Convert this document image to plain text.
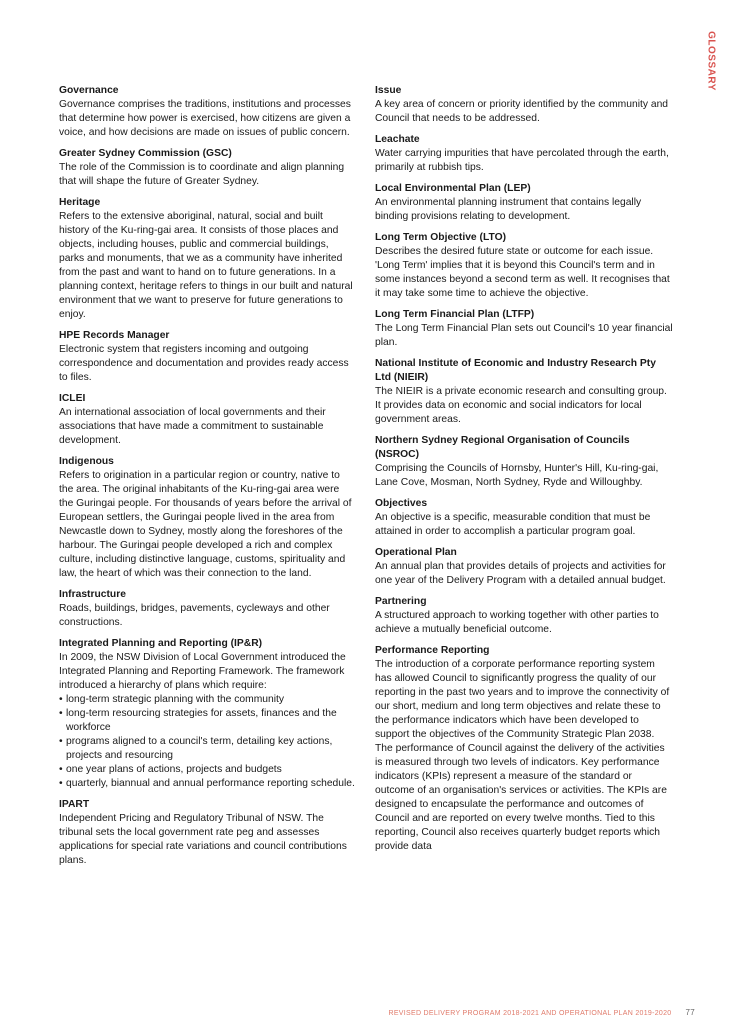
GLOSSARY

Governance

Governance comprises the traditions, institutions and processes that determine how power is exercised, how citizens are given a voice, and how decisions are made on issues of public concern.

Greater Sydney Commission (GSC)

The role of the Commission is to coordinate and align planning that will shape the future of Greater Sydney.

Heritage

Refers to the extensive aboriginal, natural, social and built history of the Ku-ring-gai area. It consists of those places and objects, including houses, public and commercial buildings, parks and monuments, that we as a community have inherited from the past and want to hand on to future generations. In a planning context, heritage refers to things in our built and natural environment that we want to preserve for future generations to enjoy.

HPE Records Manager

Electronic system that registers incoming and outgoing correspondence and documentation and provides ready access to files.

ICLEI

An international association of local governments and their associations that have made a commitment to sustainable development.

Indigenous

Refers to origination in a particular region or country, native to the area. The original inhabitants of the Ku-ring-gai area were the Guringai people. For thousands of years before the arrival of European settlers, the Guringai people lived in the area from Newcastle down to Sydney, mostly along the foreshores of the harbour. The Guringai people developed a rich and complex culture, including distinctive language, customs, spirituality and law, the heart of which was their connection to the land.

Infrastructure

Roads, buildings, bridges, pavements, cycleways and other constructions.

Integrated Planning and Reporting (IP&R)

In 2009, the NSW Division of Local Government introduced the Integrated Planning and Reporting Framework. The framework introduced a hierarchy of plans which require:

• long-term strategic planning with the community
• long-term resourcing strategies for assets, finances and the workforce
• programs aligned to a council's term, detailing key actions, projects and resourcing
• one year plans of actions, projects and budgets
• quarterly, biannual and annual performance reporting schedule.

IPART

Independent Pricing and Regulatory Tribunal of NSW. The tribunal sets the local government rate peg and assesses applications for special rate variations and council contributions plans.

Issue

A key area of concern or priority identified by the community and Council that needs to be addressed.

Leachate

Water carrying impurities that have percolated through the earth, primarily at rubbish tips.

Local Environmental Plan (LEP)

An environmental planning instrument that contains legally binding provisions relating to development.

Long Term Objective (LTO)

Describes the desired future state or outcome for each issue. 'Long Term' implies that it is beyond this Council's term and in some instances beyond a second term as well. It recognises that it may take some time to achieve the objective.

Long Term Financial Plan (LTFP)

The Long Term Financial Plan sets out Council's 10 year financial plan.

National Institute of Economic and Industry Research Pty Ltd (NIEIR)

The NIEIR is a private economic research and consulting group. It provides data on economic and social indicators for local government areas.

Northern Sydney Regional Organisation of Councils (NSROC)

Comprising the Councils of Hornsby, Hunter's Hill, Ku-ring-gai, Lane Cove, Mosman, North Sydney, Ryde and Willoughby.

Objectives

An objective is a specific, measurable condition that must be attained in order to accomplish a particular program goal.

Operational Plan

An annual plan that provides details of projects and activities for one year of the Delivery Program with a detailed annual budget.

Partnering

A structured approach to working together with other parties to achieve a mutually beneficial outcome.

Performance Reporting

The introduction of a corporate performance reporting system has allowed Council to significantly progress the quality of our reporting in the past two years and to improve the connectivity of our short, medium and long term objectives and relate these to the performance indicators which have been developed to support the objectives of the Community Strategic Plan 2038. The performance of Council against the delivery of the activities is measured through two levels of indicators. Key performance indicators (KPIs) represent a measure of the standard or outcome of an organisation's services or activities. The KPIs are designed to encapsulate the performance and outcomes of Council and are reported on every twelve months. Tied to this reporting, Council also receives quarterly budget reports which provide data

REVISED DELIVERY PROGRAM 2018-2021 AND OPERATIONAL PLAN 2019-2020 77
